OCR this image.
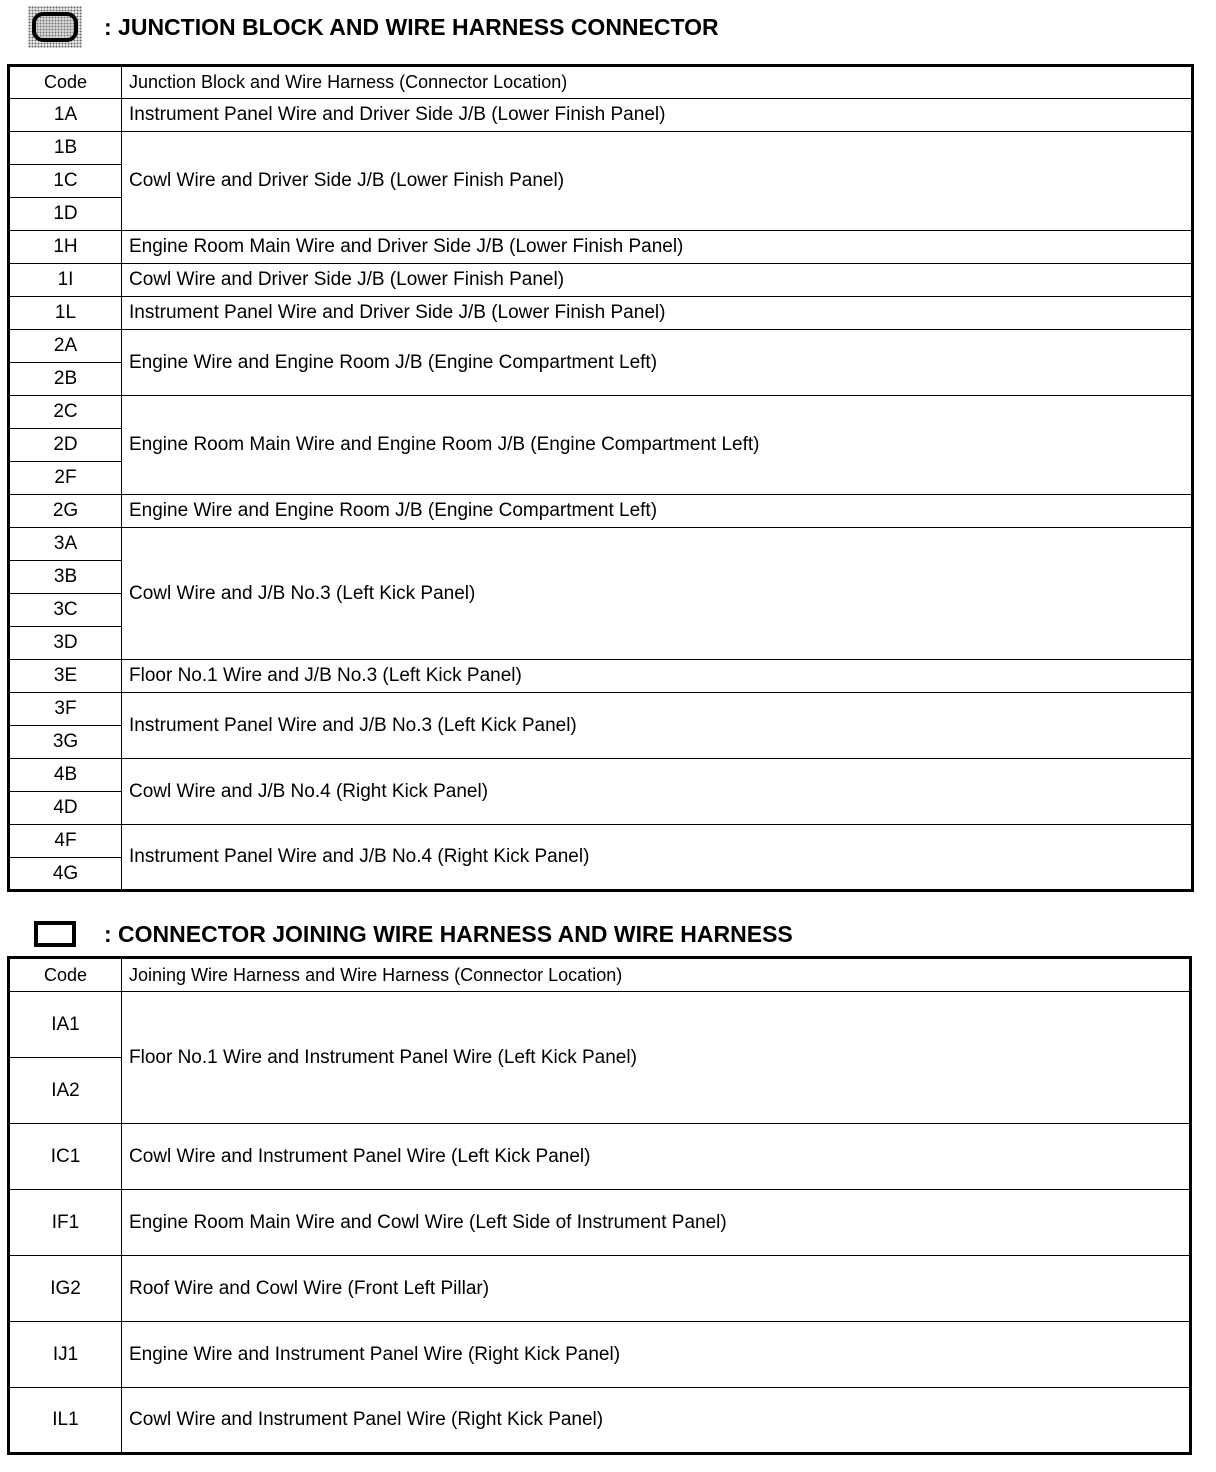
: JUNCTION BLOCK AND WIRE HARNESS CONNECTOR
Code	Junction Block and Wire Harness (Connector Location)
1A	Instrument Panel Wire and Driver Side J/B (Lower Finish Panel)
1B	Cowl Wire and Driver Side J/B (Lower Finish Panel)
1C	
1D	
1H	Engine Room Main Wire and Driver Side J/B (Lower Finish Panel)
1I	Cowl Wire and Driver Side J/B (Lower Finish Panel)
1L	Instrument Panel Wire and Driver Side J/B (Lower Finish Panel)
2A	Engine Wire and Engine Room J/B (Engine Compartment Left)
2B	
2C	Engine Room Main Wire and Engine Room J/B (Engine Compartment Left)
2D	
2F	
2G	Engine Wire and Engine Room J/B (Engine Compartment Left)
3A	Cowl Wire and J/B No.3 (Left Kick Panel)
3B	
3C	
3D	
3E	Floor No.1 Wire and J/B No.3 (Left Kick Panel)
3F	Instrument Panel Wire and J/B No.3 (Left Kick Panel)
3G	
4B	Cowl Wire and J/B No.4 (Right Kick Panel)
4D	
4F	Instrument Panel Wire and J/B No.4 (Right Kick Panel)
4G	
: CONNECTOR JOINING WIRE HARNESS AND WIRE HARNESS
Code	Joining Wire Harness and Wire Harness (Connector Location)
IA1	Floor No.1 Wire and Instrument Panel Wire (Left Kick Panel)
IA2	
IC1	Cowl Wire and Instrument Panel Wire (Left Kick Panel)
IF1	Engine Room Main Wire and Cowl Wire (Left Side of Instrument Panel)
IG2	Roof Wire and Cowl Wire (Front Left Pillar)
IJ1	Engine Wire and Instrument Panel Wire (Right Kick Panel)
IL1	Cowl Wire and Instrument Panel Wire (Right Kick Panel)
